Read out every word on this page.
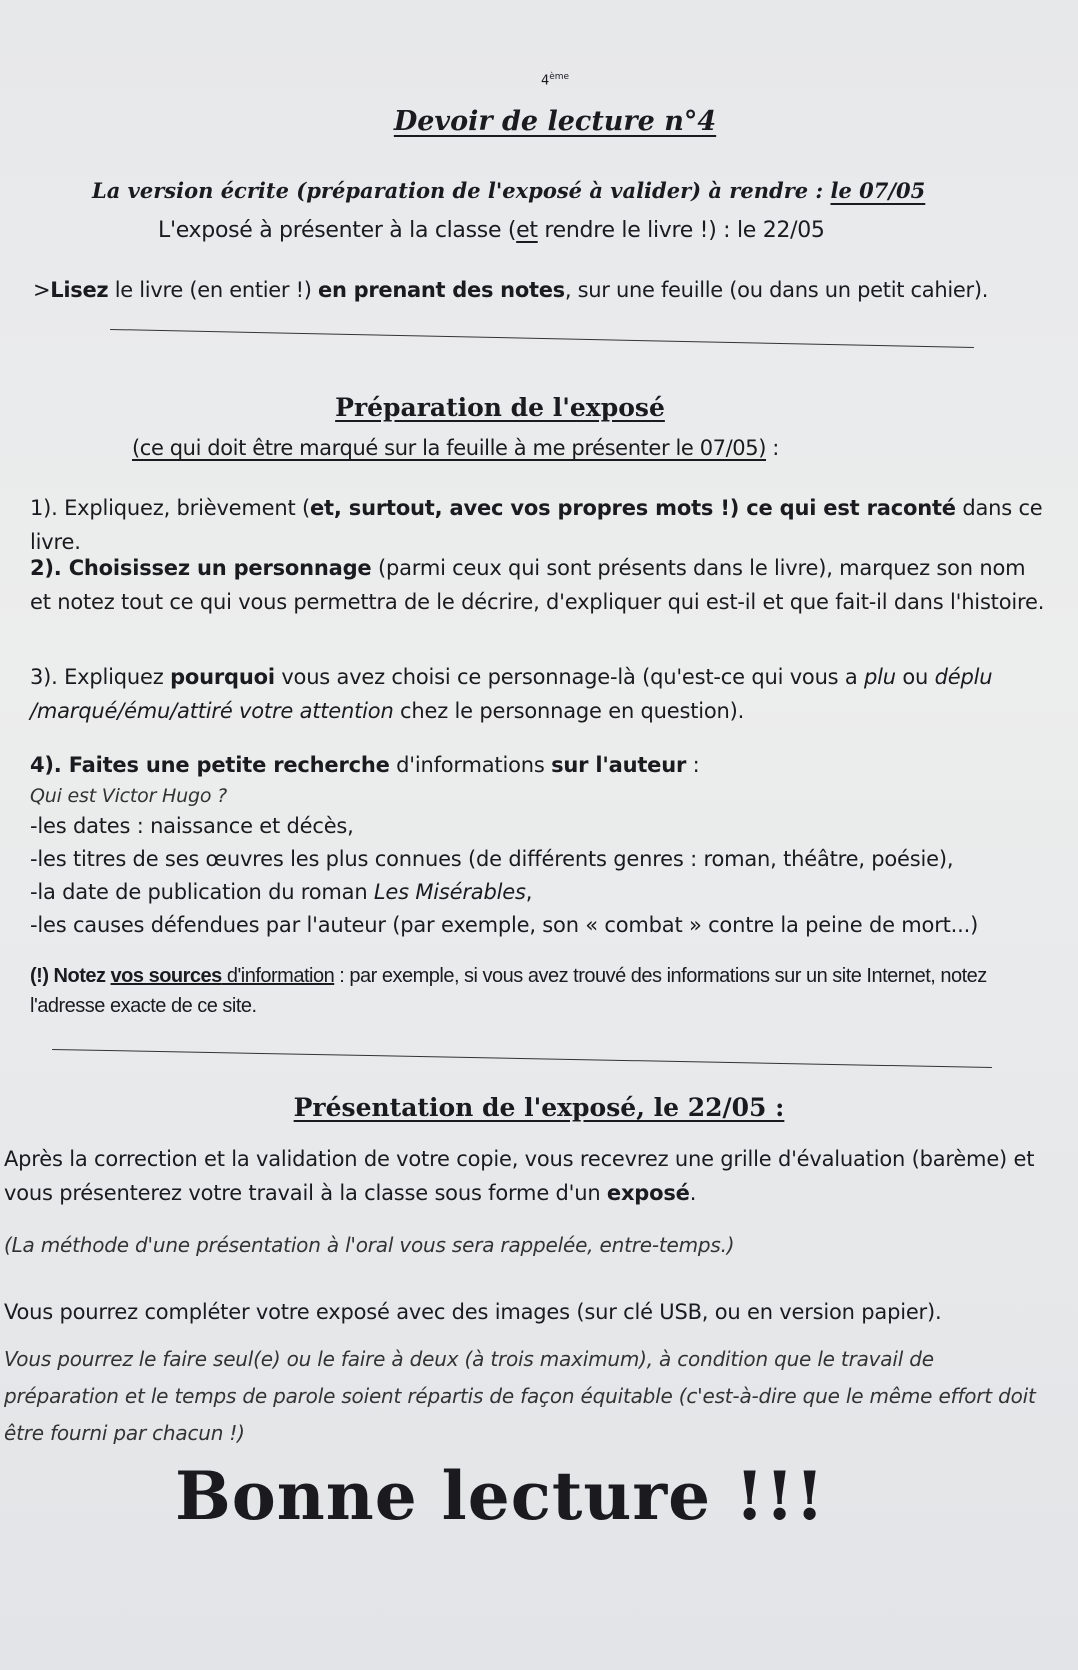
4ème
Devoir de lecture n°4
La version écrite (préparation de l'exposé à valider) à rendre : le 07/05
L'exposé à présenter à la classe (et rendre le livre !) : le 22/05
>Lisez le livre (en entier !) en prenant des notes, sur une feuille (ou dans un petit cahier).
Préparation de l'exposé
(ce qui doit être marqué sur la feuille à me présenter le 07/05) :
1). Expliquez, brièvement (et, surtout, avec vos propres mots !) ce qui est raconté dans ce livre.
2). Choisissez un personnage (parmi ceux qui sont présents dans le livre), marquez son nom et notez tout ce qui vous permettra de le décrire, d'expliquer qui est-il et que fait-il dans l'histoire.
3). Expliquez pourquoi vous avez choisi ce personnage-là (qu'est-ce qui vous a plu ou déplu /marqué/ému/attiré votre attention chez le personnage en question).
4). Faites une petite recherche d'informations sur l'auteur :
Qui est Victor Hugo ?
-les dates : naissance et décès,
-les titres de ses œuvres les plus connues (de différents genres : roman, théâtre, poésie),
-la date de publication du roman Les Misérables,
-les causes défendues par l'auteur (par exemple, son « combat » contre la peine de mort...)
(!) Notez vos sources d'information : par exemple, si vous avez trouvé des informations sur un site Internet, notez l'adresse exacte de ce site.
Présentation de l'exposé, le 22/05 :
Après la correction et la validation de votre copie, vous recevrez une grille d'évaluation (barème) et vous présenterez votre travail à la classe sous forme d'un exposé.
(La méthode d'une présentation à l'oral vous sera rappelée, entre-temps.)
Vous pourrez compléter votre exposé avec des images (sur clé USB, ou en version papier).
Vous pourrez le faire seul(e) ou le faire à deux (à trois maximum), à condition que le travail de préparation et le temps de parole soient répartis de façon équitable (c'est-à-dire que le même effort doit être fourni par chacun !)
Bonne lecture !!!
